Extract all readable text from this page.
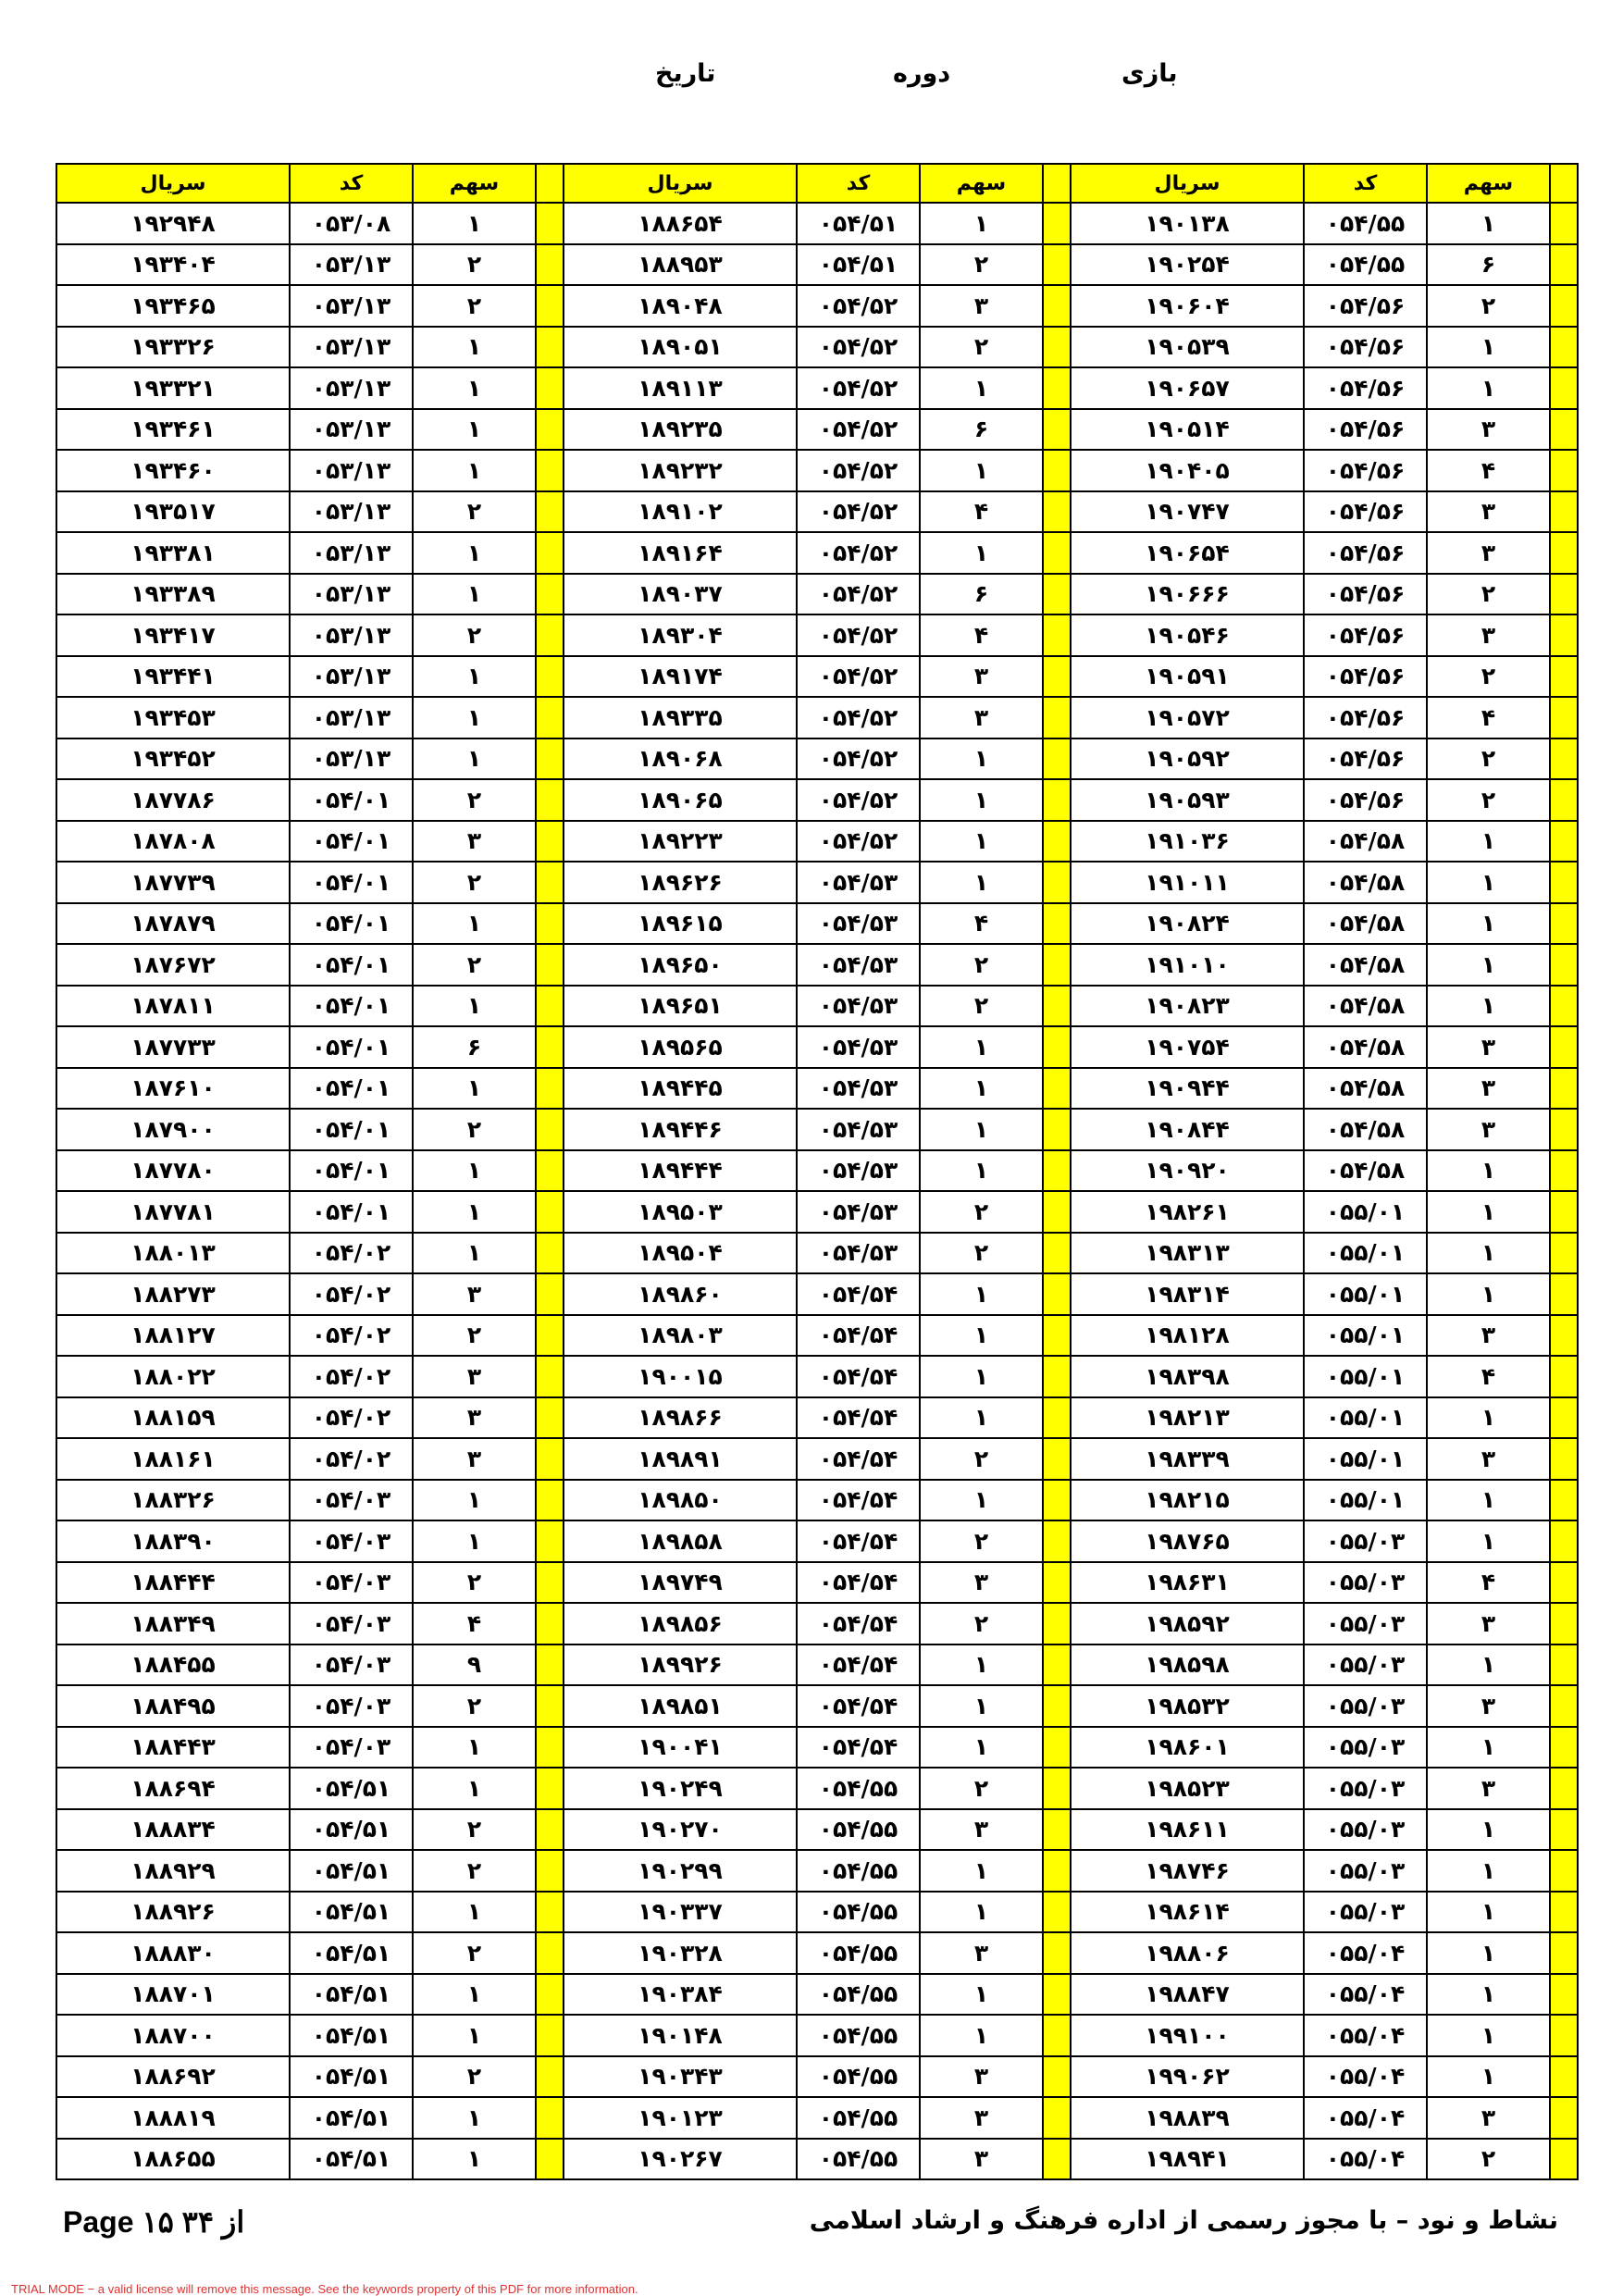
بازی
دوره
تاریخ
سریال	کد	سهم		سریال	کد	سهم		سریال	کد	سهم	
۱۹۲۹۴۸	۰۵۳/۰۸	۱		۱۸۸۶۵۴	۰۵۴/۵۱	۱		۱۹۰۱۳۸	۰۵۴/۵۵	۱	
۱۹۳۴۰۴	۰۵۳/۱۳	۲		۱۸۸۹۵۳	۰۵۴/۵۱	۲		۱۹۰۲۵۴	۰۵۴/۵۵	۶	
۱۹۳۴۶۵	۰۵۳/۱۳	۲		۱۸۹۰۴۸	۰۵۴/۵۲	۳		۱۹۰۶۰۴	۰۵۴/۵۶	۲	
۱۹۳۳۲۶	۰۵۳/۱۳	۱		۱۸۹۰۵۱	۰۵۴/۵۲	۲		۱۹۰۵۳۹	۰۵۴/۵۶	۱	
۱۹۳۳۲۱	۰۵۳/۱۳	۱		۱۸۹۱۱۳	۰۵۴/۵۲	۱		۱۹۰۶۵۷	۰۵۴/۵۶	۱	
۱۹۳۴۶۱	۰۵۳/۱۳	۱		۱۸۹۲۳۵	۰۵۴/۵۲	۶		۱۹۰۵۱۴	۰۵۴/۵۶	۳	
۱۹۳۴۶۰	۰۵۳/۱۳	۱		۱۸۹۲۳۲	۰۵۴/۵۲	۱		۱۹۰۴۰۵	۰۵۴/۵۶	۴	
۱۹۳۵۱۷	۰۵۳/۱۳	۲		۱۸۹۱۰۲	۰۵۴/۵۲	۴		۱۹۰۷۴۷	۰۵۴/۵۶	۳	
۱۹۳۳۸۱	۰۵۳/۱۳	۱		۱۸۹۱۶۴	۰۵۴/۵۲	۱		۱۹۰۶۵۴	۰۵۴/۵۶	۳	
۱۹۳۳۸۹	۰۵۳/۱۳	۱		۱۸۹۰۳۷	۰۵۴/۵۲	۶		۱۹۰۶۶۶	۰۵۴/۵۶	۲	
۱۹۳۴۱۷	۰۵۳/۱۳	۲		۱۸۹۳۰۴	۰۵۴/۵۲	۴		۱۹۰۵۴۶	۰۵۴/۵۶	۳	
۱۹۳۴۴۱	۰۵۳/۱۳	۱		۱۸۹۱۷۴	۰۵۴/۵۲	۳		۱۹۰۵۹۱	۰۵۴/۵۶	۲	
۱۹۳۴۵۳	۰۵۳/۱۳	۱		۱۸۹۳۳۵	۰۵۴/۵۲	۳		۱۹۰۵۷۲	۰۵۴/۵۶	۴	
۱۹۳۴۵۲	۰۵۳/۱۳	۱		۱۸۹۰۶۸	۰۵۴/۵۲	۱		۱۹۰۵۹۲	۰۵۴/۵۶	۲	
۱۸۷۷۸۶	۰۵۴/۰۱	۲		۱۸۹۰۶۵	۰۵۴/۵۲	۱		۱۹۰۵۹۳	۰۵۴/۵۶	۲	
۱۸۷۸۰۸	۰۵۴/۰۱	۳		۱۸۹۲۲۳	۰۵۴/۵۲	۱		۱۹۱۰۳۶	۰۵۴/۵۸	۱	
۱۸۷۷۳۹	۰۵۴/۰۱	۲		۱۸۹۶۲۶	۰۵۴/۵۳	۱		۱۹۱۰۱۱	۰۵۴/۵۸	۱	
۱۸۷۸۷۹	۰۵۴/۰۱	۱		۱۸۹۶۱۵	۰۵۴/۵۳	۴		۱۹۰۸۲۴	۰۵۴/۵۸	۱	
۱۸۷۶۷۲	۰۵۴/۰۱	۲		۱۸۹۶۵۰	۰۵۴/۵۳	۲		۱۹۱۰۱۰	۰۵۴/۵۸	۱	
۱۸۷۸۱۱	۰۵۴/۰۱	۱		۱۸۹۶۵۱	۰۵۴/۵۳	۲		۱۹۰۸۲۳	۰۵۴/۵۸	۱	
۱۸۷۷۳۳	۰۵۴/۰۱	۶		۱۸۹۵۶۵	۰۵۴/۵۳	۱		۱۹۰۷۵۴	۰۵۴/۵۸	۳	
۱۸۷۶۱۰	۰۵۴/۰۱	۱		۱۸۹۴۴۵	۰۵۴/۵۳	۱		۱۹۰۹۴۴	۰۵۴/۵۸	۳	
۱۸۷۹۰۰	۰۵۴/۰۱	۲		۱۸۹۴۴۶	۰۵۴/۵۳	۱		۱۹۰۸۴۴	۰۵۴/۵۸	۳	
۱۸۷۷۸۰	۰۵۴/۰۱	۱		۱۸۹۴۴۴	۰۵۴/۵۳	۱		۱۹۰۹۲۰	۰۵۴/۵۸	۱	
۱۸۷۷۸۱	۰۵۴/۰۱	۱		۱۸۹۵۰۳	۰۵۴/۵۳	۲		۱۹۸۲۶۱	۰۵۵/۰۱	۱	
۱۸۸۰۱۳	۰۵۴/۰۲	۱		۱۸۹۵۰۴	۰۵۴/۵۳	۲		۱۹۸۳۱۳	۰۵۵/۰۱	۱	
۱۸۸۲۷۳	۰۵۴/۰۲	۳		۱۸۹۸۶۰	۰۵۴/۵۴	۱		۱۹۸۳۱۴	۰۵۵/۰۱	۱	
۱۸۸۱۲۷	۰۵۴/۰۲	۲		۱۸۹۸۰۳	۰۵۴/۵۴	۱		۱۹۸۱۲۸	۰۵۵/۰۱	۳	
۱۸۸۰۲۲	۰۵۴/۰۲	۳		۱۹۰۰۱۵	۰۵۴/۵۴	۱		۱۹۸۳۹۸	۰۵۵/۰۱	۴	
۱۸۸۱۵۹	۰۵۴/۰۲	۳		۱۸۹۸۶۶	۰۵۴/۵۴	۱		۱۹۸۲۱۳	۰۵۵/۰۱	۱	
۱۸۸۱۶۱	۰۵۴/۰۲	۳		۱۸۹۸۹۱	۰۵۴/۵۴	۲		۱۹۸۳۳۹	۰۵۵/۰۱	۳	
۱۸۸۳۲۶	۰۵۴/۰۳	۱		۱۸۹۸۵۰	۰۵۴/۵۴	۱		۱۹۸۲۱۵	۰۵۵/۰۱	۱	
۱۸۸۳۹۰	۰۵۴/۰۳	۱		۱۸۹۸۵۸	۰۵۴/۵۴	۲		۱۹۸۷۶۵	۰۵۵/۰۳	۱	
۱۸۸۴۴۴	۰۵۴/۰۳	۲		۱۸۹۷۴۹	۰۵۴/۵۴	۳		۱۹۸۶۳۱	۰۵۵/۰۳	۴	
۱۸۸۳۴۹	۰۵۴/۰۳	۴		۱۸۹۸۵۶	۰۵۴/۵۴	۲		۱۹۸۵۹۲	۰۵۵/۰۳	۳	
۱۸۸۴۵۵	۰۵۴/۰۳	۹		۱۸۹۹۲۶	۰۵۴/۵۴	۱		۱۹۸۵۹۸	۰۵۵/۰۳	۱	
۱۸۸۴۹۵	۰۵۴/۰۳	۲		۱۸۹۸۵۱	۰۵۴/۵۴	۱		۱۹۸۵۳۲	۰۵۵/۰۳	۳	
۱۸۸۴۴۳	۰۵۴/۰۳	۱		۱۹۰۰۴۱	۰۵۴/۵۴	۱		۱۹۸۶۰۱	۰۵۵/۰۳	۱	
۱۸۸۶۹۴	۰۵۴/۵۱	۱		۱۹۰۲۴۹	۰۵۴/۵۵	۲		۱۹۸۵۲۳	۰۵۵/۰۳	۳	
۱۸۸۸۳۴	۰۵۴/۵۱	۲		۱۹۰۲۷۰	۰۵۴/۵۵	۳		۱۹۸۶۱۱	۰۵۵/۰۳	۱	
۱۸۸۹۲۹	۰۵۴/۵۱	۲		۱۹۰۲۹۹	۰۵۴/۵۵	۱		۱۹۸۷۴۶	۰۵۵/۰۳	۱	
۱۸۸۹۲۶	۰۵۴/۵۱	۱		۱۹۰۳۳۷	۰۵۴/۵۵	۱		۱۹۸۶۱۴	۰۵۵/۰۳	۱	
۱۸۸۸۳۰	۰۵۴/۵۱	۲		۱۹۰۳۲۸	۰۵۴/۵۵	۳		۱۹۸۸۰۶	۰۵۵/۰۴	۱	
۱۸۸۷۰۱	۰۵۴/۵۱	۱		۱۹۰۳۸۴	۰۵۴/۵۵	۱		۱۹۸۸۴۷	۰۵۵/۰۴	۱	
۱۸۸۷۰۰	۰۵۴/۵۱	۱		۱۹۰۱۴۸	۰۵۴/۵۵	۱		۱۹۹۱۰۰	۰۵۵/۰۴	۱	
۱۸۸۶۹۲	۰۵۴/۵۱	۲		۱۹۰۳۴۳	۰۵۴/۵۵	۳		۱۹۹۰۶۲	۰۵۵/۰۴	۱	
۱۸۸۸۱۹	۰۵۴/۵۱	۱		۱۹۰۱۲۳	۰۵۴/۵۵	۳		۱۹۸۸۳۹	۰۵۵/۰۴	۳	
۱۸۸۶۵۵	۰۵۴/۵۱	۱		۱۹۰۲۶۷	۰۵۴/۵۵	۳		۱۹۸۹۴۱	۰۵۵/۰۴	۲	
Page ۱۵ ۳۴ از	نشاط و نود – با مجوز رسمی از اداره فرهنگ و ارشاد اسلامی
TRIAL MODE − a valid license will remove this message. See the keywords property of this PDF for more information.
